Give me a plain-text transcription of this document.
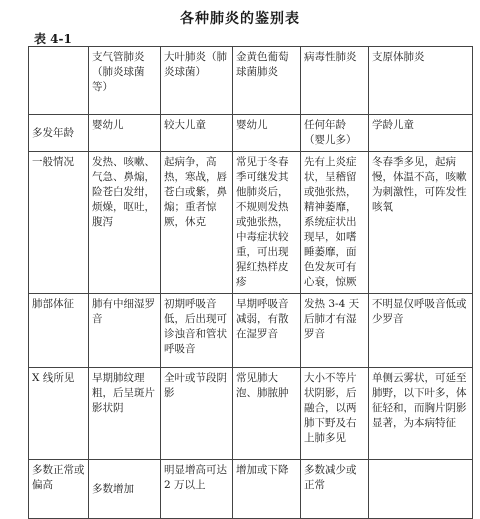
各种肺炎的鉴别表
表 4-1
	支气管肺炎（肺炎球菌等）	大叶肺炎（肺炎球菌）	金黄色葡萄球菌肺炎	病毒性肺炎	支原体肺炎
多发年龄	婴幼儿	较大儿童	婴幼儿	任何年龄（婴儿多）	学龄儿童
一般情况	发热、咳嗽、气急、鼻煽，险苍白发绀，烦燥，呕吐，腹泻	起病争，高热，寒战，唇苍白或紫，鼻煽；重者惊厥，休克	常见于冬春季可继发其他肺炎后，不规则发热或弛张热，中毒症状较重，可出现猩红热样皮疹	先有上炎症状，呈稽留或弛张热，精神萎靡，系统症状出现早，如嗜睡萎靡，面色发灰可有心衰，惊厥	冬春季多见，起病慢，体温不高，咳嗽为刺激性，可阵发性咳氧
肺部体征	肺有中细湿罗音	初期呼吸音低，后出现可诊浊音和管状呼吸音	早期呼吸音减弱，有散在湿罗音	发热 3-4 天后肺才有湿罗音	不明显仅呼吸音低或少罗音
X 线所见	早期肺纹理粗，后呈斑片影状阴	全叶或节段阴影	常见肺大泡、肺脓肿	大小不等片状阴影，后融合，以两肺下野及右上肺多见	单侧云雾状，可延至肺野，以下叶多，体征轻和，而胸片阴影显著，为本病特征
多数正常或偏高	多数增加	明显增高可达 2 万以上	增加或下降	多数减少或正常	
